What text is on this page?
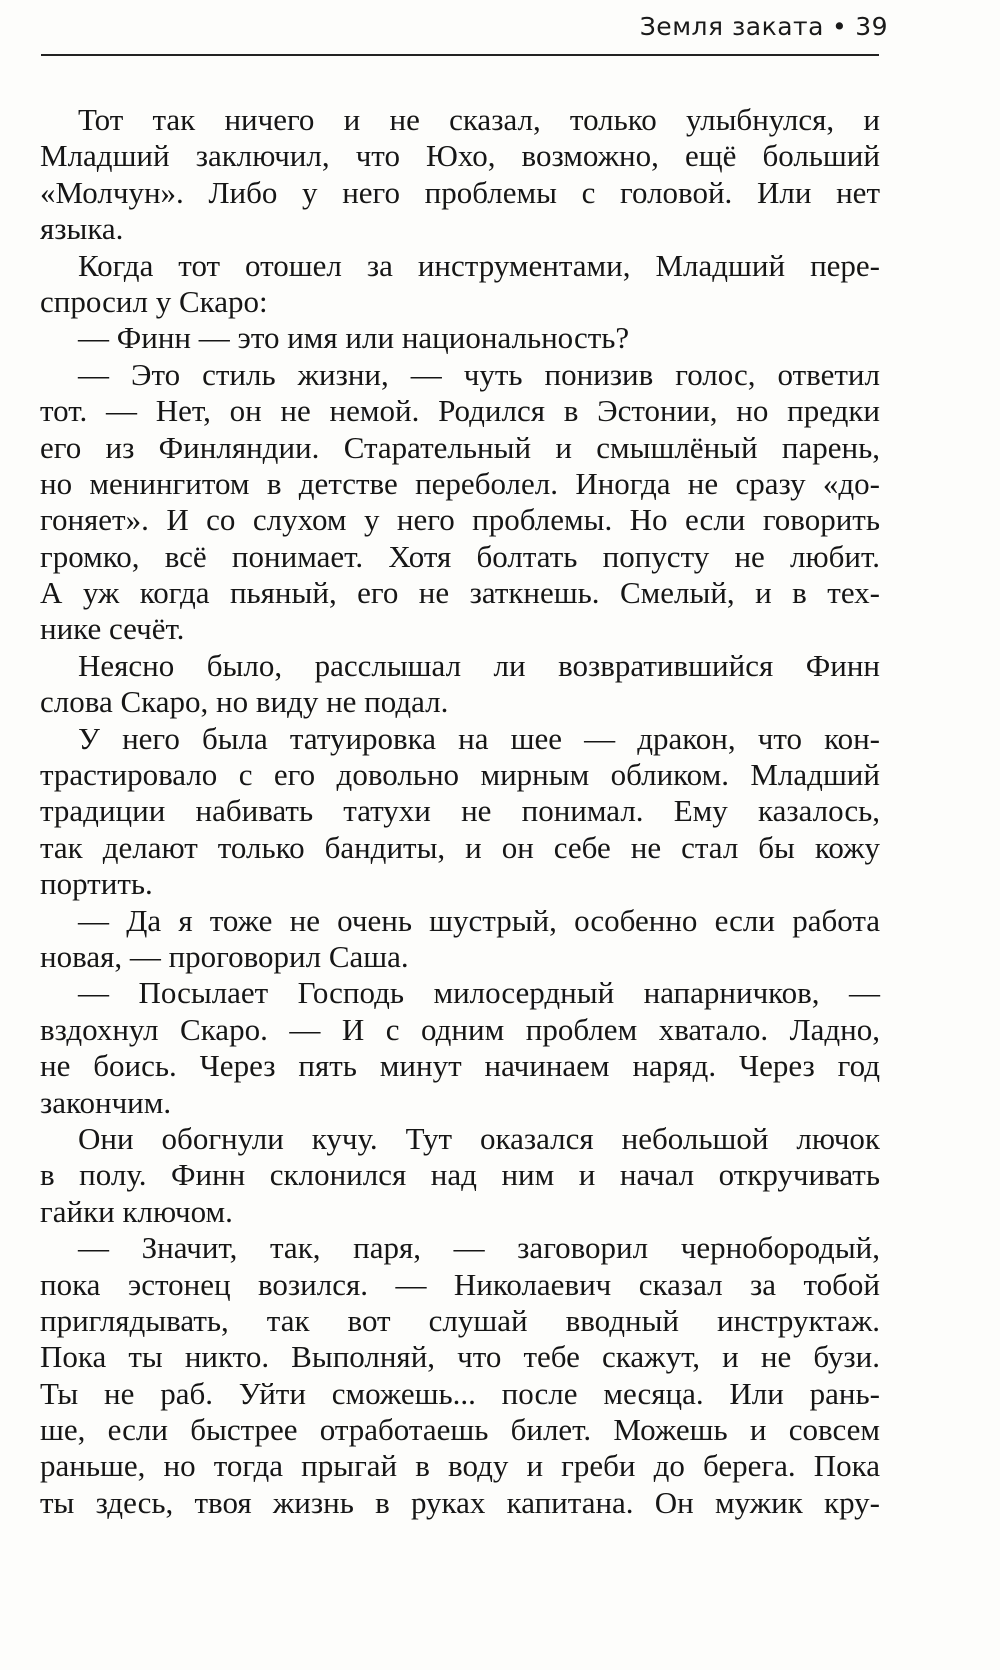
Земля заката • 39
Тот так ничего и не сказал, только улыбнулся, и
Младший заключил, что Юхо, возможно, ещё больший
«Молчун». Либо у него проблемы с головой. Или нет
языка.
Когда тот отошел за инструментами, Младший пере-
спросил у Скаро:
— Финн — это имя или национальность?
— Это стиль жизни, — чуть понизив голос, ответил
тот. — Нет, он не немой. Родился в Эстонии, но предки
его из Финляндии. Старательный и смышлёный парень,
но менингитом в детстве переболел. Иногда не сразу «до-
гоняет». И со слухом у него проблемы. Но если говорить
громко, всё понимает. Хотя болтать попусту не любит.
А уж когда пьяный, его не заткнешь. Смелый, и в тех-
нике сечёт.
Неясно было, расслышал ли возвратившийся Финн
слова Скаро, но виду не подал.
У него была татуировка на шее — дракон, что кон-
трастировало с его довольно мирным обликом. Младший
традиции набивать татухи не понимал. Ему казалось,
так делают только бандиты, и он себе не стал бы кожу
портить.
— Да я тоже не очень шустрый, особенно если работа
новая, — проговорил Саша.
— Посылает Господь милосердный напарничков, —
вздохнул Скаро. — И с одним проблем хватало. Ладно,
не боись. Через пять минут начинаем наряд. Через год
закончим.
Они обогнули кучу. Тут оказался небольшой лючок
в полу. Финн склонился над ним и начал откручивать
гайки ключом.
— Значит, так, паря, — заговорил чернобородый,
пока эстонец возился. — Николаевич сказал за тобой
приглядывать, так вот слушай вводный инструктаж.
Пока ты никто. Выполняй, что тебе скажут, и не бузи.
Ты не раб. Уйти сможешь... после месяца. Или рань-
ше, если быстрее отработаешь билет. Можешь и совсем
раньше, но тогда прыгай в воду и греби до берега. Пока
ты здесь, твоя жизнь в руках капитана. Он мужик кру-
